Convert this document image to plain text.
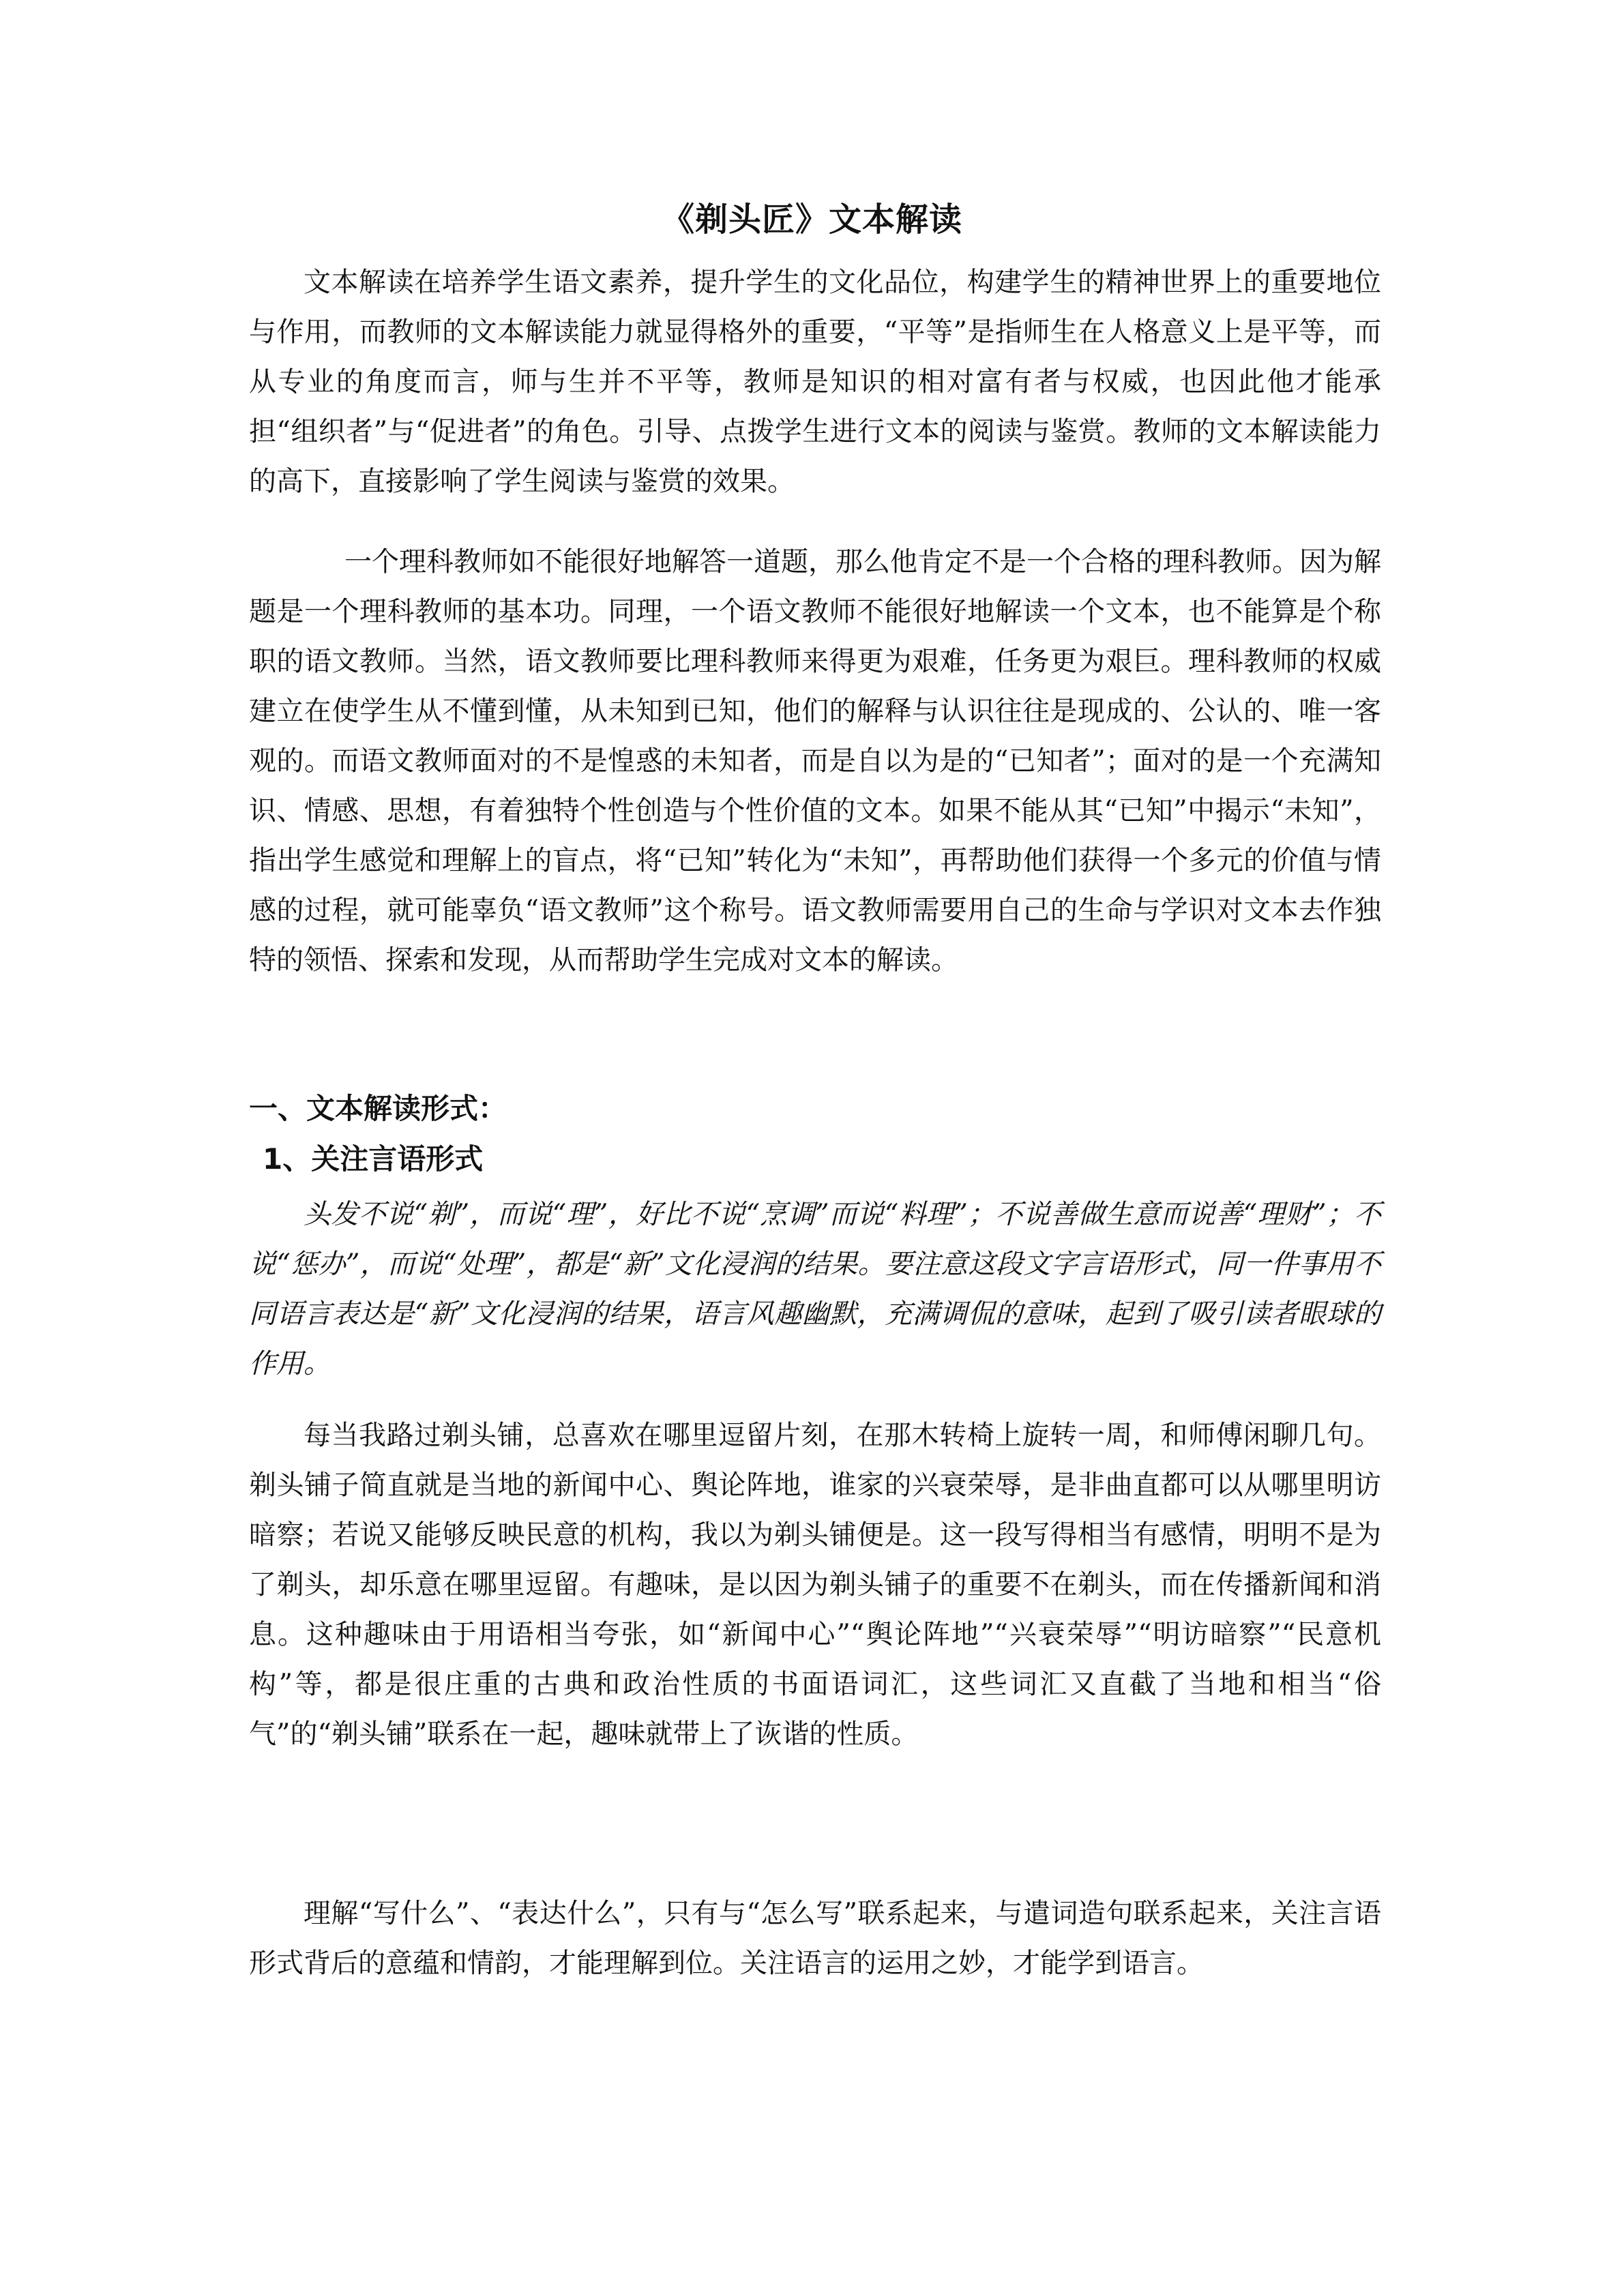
《剃头匠》文本解读

文本解读在培养学生语文素养，提升学生的文化品位，构建学生的精神世界上的重要地位与作用，而教师的文本解读能力就显得格外的重要，“平等”是指师生在人格意义上是平等，而从专业的角度而言，师与生并不平等，教师是知识的相对富有者与权威，也因此他才能承担“组织者”与“促进者”的角色。引导、点拨学生进行文本的阅读与鉴赏。教师的文本解读能力的高下，直接影响了学生阅读与鉴赏的效果。

一个理科教师如不能很好地解答一道题，那么他肯定不是一个合格的理科教师。因为解题是一个理科教师的基本功。同理，一个语文教师不能很好地解读一个文本，也不能算是个称职的语文教师。当然，语文教师要比理科教师来得更为艰难，任务更为艰巨。理科教师的权威建立在使学生从不懂到懂，从未知到已知，他们的解释与认识往往是现成的、公认的、唯一客观的。而语文教师面对的不是惶惑的未知者，而是自以为是的“已知者”；面对的是一个充满知识、情感、思想，有着独特个性创造与个性价值的文本。如果不能从其“已知”中揭示“未知”，指出学生感觉和理解上的盲点，将“已知”转化为“未知”，再帮助他们获得一个多元的价值与情感的过程，就可能辜负“语文教师”这个称号。语文教师需要用自己的生命与学识对文本去作独特的领悟、探索和发现，从而帮助学生完成对文本的解读。

一、文本解读形式：
1、关注言语形式

头发不说“剃”，而说“理”，好比不说“烹调”而说“料理”；不说善做生意而说善“理财”；不说“惩办”，而说“处理”，都是“新”文化浸润的结果。要注意这段文字言语形式，同一件事用不同语言表达是“新”文化浸润的结果，语言风趣幽默，充满调侃的意味，起到了吸引读者眼球的作用。

每当我路过剃头铺，总喜欢在哪里逗留片刻，在那木转椅上旋转一周，和师傅闲聊几句。剃头铺子简直就是当地的新闻中心、舆论阵地，谁家的兴衰荣辱，是非曲直都可以从哪里明访暗察；若说又能够反映民意的机构，我以为剃头铺便是。这一段写得相当有感情，明明不是为了剃头，却乐意在哪里逗留。有趣味，是以因为剃头铺子的重要不在剃头，而在传播新闻和消息。这种趣味由于用语相当夸张，如“新闻中心”“舆论阵地”“兴衰荣辱”“明访暗察”“民意机构”等，都是很庄重的古典和政治性质的书面语词汇，这些词汇又直截了当地和相当“俗气”的“剃头铺”联系在一起，趣味就带上了诙谐的性质。

理解“写什么”、“表达什么”，只有与“怎么写”联系起来，与遣词造句联系起来，关注言语形式背后的意蕴和情韵，才能理解到位。关注语言的运用之妙，才能学到语言。
